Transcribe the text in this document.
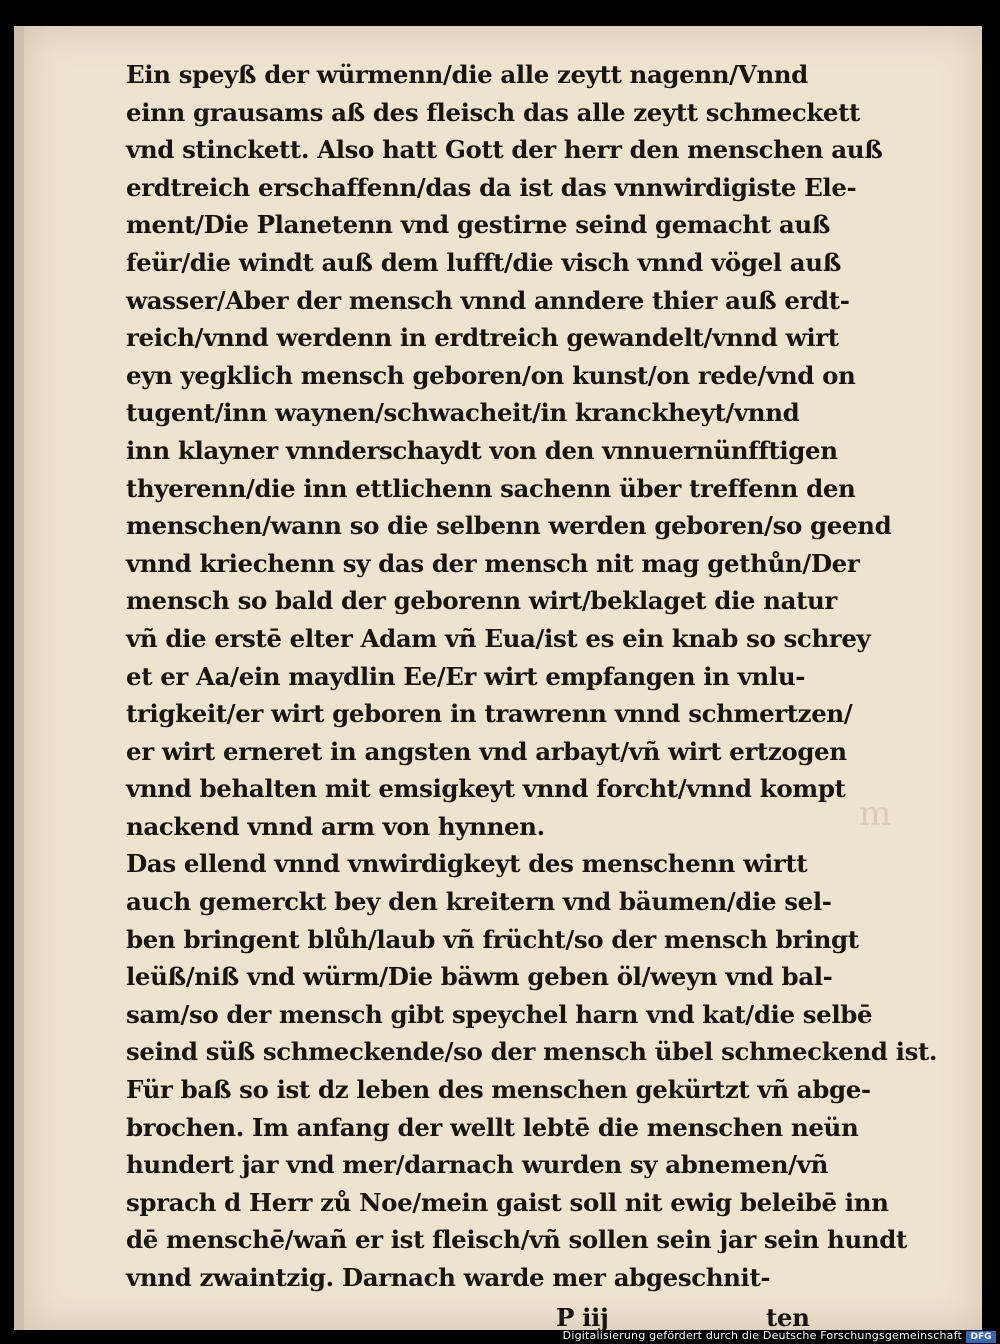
Ein speyß der würmenn/die alle zeytt nagenn/Vnnd
einn grausams aß des fleisch das alle zeytt schmeckett
vnd stinckett. Also hatt Gott der herr den menschen auß
erdtreich erschaffenn/das da ist das vnnwirdigiste Ele-
ment/Die Planetenn vnd gestirne seind gemacht auß
feür/die windt auß dem lufft/die visch vnnd vögel auß
wasser/Aber der mensch vnnd anndere thier auß erdt-
reich/vnnd werdenn in erdtreich gewandelt/vnnd wirt
eyn yegklich mensch geboren/on kunst/on rede/vnd on
tugent/inn waynen/schwacheit/in kranckheyt/vnnd
inn klayner vnnderschaydt von den vnnuernünfftigen
thyerenn/die inn ettlichenn sachenn über treffenn den
menschen/wann so die selbenn werden geboren/so geend
vnnd kriechenn sy das der mensch nit mag gethůn/Der
mensch so bald der geborenn wirt/beklaget die natur
vñ die erstē elter Adam vñ Eua/ist es ein knab so schrey
et er Aa/ein maydlin Ee/Er wirt empfangen in vnlu-
trigkeit/er wirt geboren in trawrenn vnnd schmertzen/
er wirt erneret in angsten vnd arbayt/vñ wirt ertzogen
vnnd behalten mit emsigkeyt vnnd forcht/vnnd kompt
nackend vnnd arm von hynnen.
Das ellend vnnd vnwirdigkeyt des menschenn wirtt
auch gemerckt bey den kreitern vnd bäumen/die sel-
ben bringent blůh/laub vñ frücht/so der mensch bringt
leüß/niß vnd würm/Die bäwm geben öl/weyn vnd bal-
sam/so der mensch gibt speychel harn vnd kat/die selbē
seind süß schmeckende/so der mensch übel schmeckend ist.
Für baß so ist dz leben des menschen gekürtzt vñ abge-
brochen. Im anfang der wellt lebtē die menschen neün
hundert jar vnd mer/darnach wurden sy abnemen/vñ
sprach d Herr zů Noe/mein gaist soll nit ewig beleibē inn
dē menschē/wañ er ist fleisch/vñ sollen sein jar sein hundt
vnnd zwaintzig. Darnach warde mer abgeschnit-
P iij	ten
m
Digitalisierung gefördert durch die Deutsche Forschungsgemeinschaft DFG
